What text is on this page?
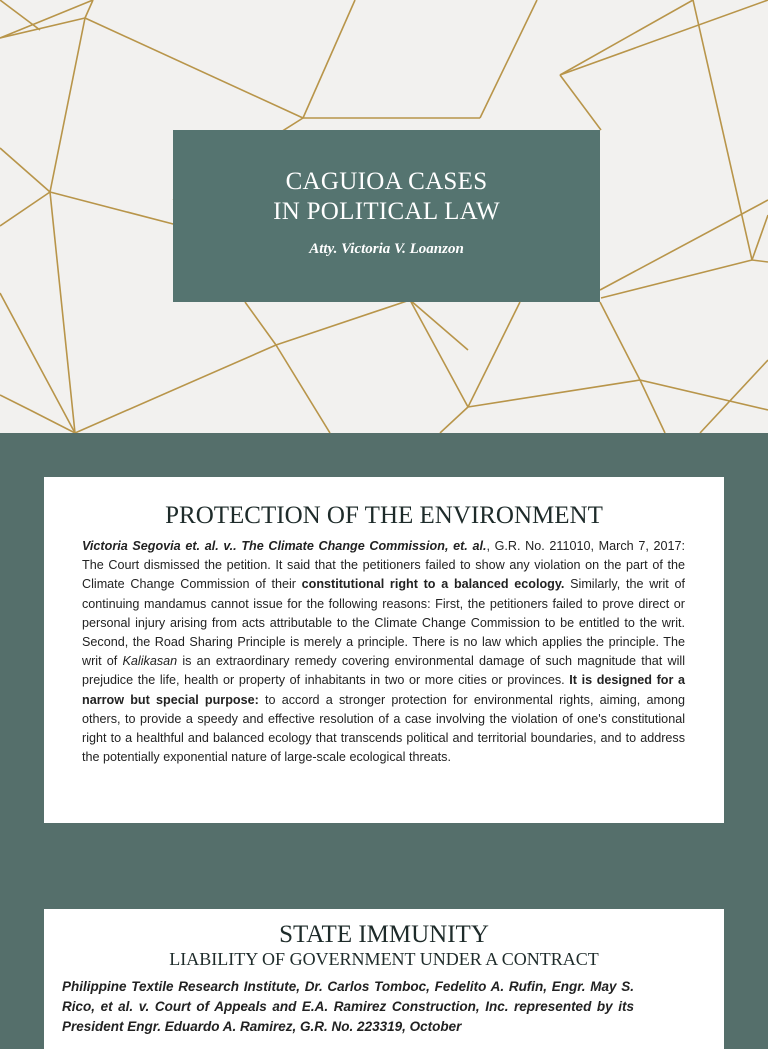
CAGUIOA CASES
IN POLITICAL LAW
Atty. Victoria V. Loanzon
PROTECTION OF THE ENVIRONMENT
Victoria Segovia et. al. v.. The Climate Change Commission, et. al., G.R. No. 211010, March 7, 2017: The Court dismissed the petition. It said that the petitioners failed to show any violation on the part of the Climate Change Commission of their constitutional right to a balanced ecology. Similarly, the writ of continuing mandamus cannot issue for the following reasons: First, the petitioners failed to prove direct or personal injury arising from acts attributable to the Climate Change Commission to be entitled to the writ. Second, the Road Sharing Principle is merely a principle. There is no law which applies the principle. The writ of Kalikasan is an extraordinary remedy covering environmental damage of such magnitude that will prejudice the life, health or property of inhabitants in two or more cities or provinces. It is designed for a narrow but special purpose: to accord a stronger protection for environmental rights, aiming, among others, to provide a speedy and effective resolution of a case involving the violation of one's constitutional right to a healthful and balanced ecology that transcends political and territorial boundaries, and to address the potentially exponential nature of large-scale ecological threats.
STATE IMMUNITY
LIABILITY OF GOVERNMENT UNDER A CONTRACT
Philippine Textile Research Institute, Dr. Carlos Tomboc, Fedelito A. Rufin, Engr. May S. Rico, et al. v. Court of Appeals and E.A. Ramirez Construction, Inc. represented by its President Engr. Eduardo A. Ramirez, G.R. No. 223319, October
